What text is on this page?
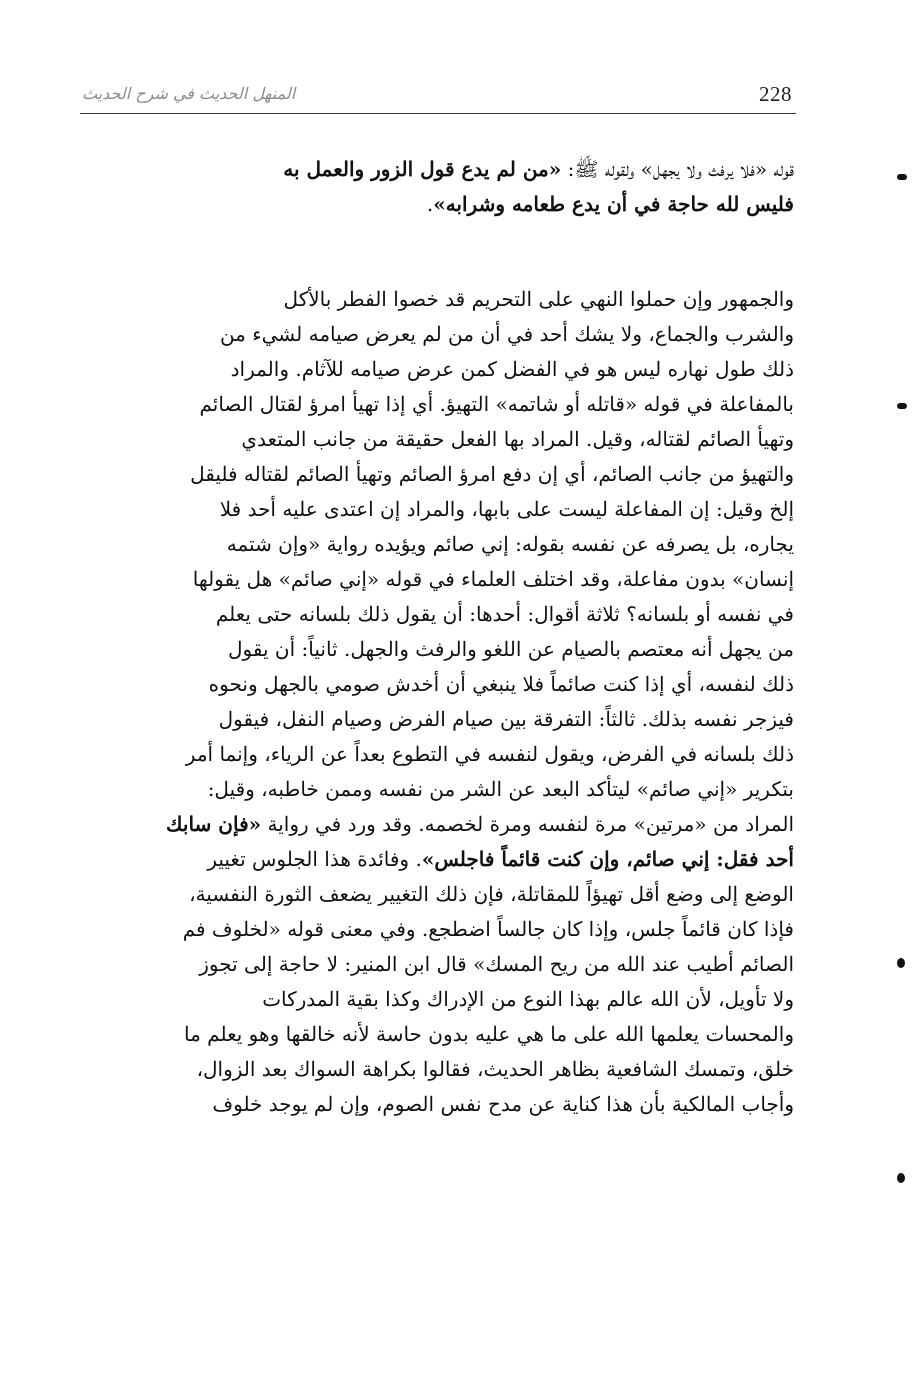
228
المنهل الحديث في شرح الحديث
قوله «فلا يرفث ولا يجهل» ولقوله ﷺ: «من لم يدع قول الزور والعمل به
فليس لله حاجة في أن يدع طعامه وشرابه».
والجمهور وإن حملوا النهي على التحريم قد خصوا الفطر بالأكل
والشرب والجماع، ولا يشك أحد في أن من لم يعرض صيامه لشيء من
ذلك طول نهاره ليس هو في الفضل كمن عرض صيامه للآثام. والمراد
بالمفاعلة في قوله «قاتله أو شاتمه» التهيؤ. أي إذا تهيأ امرؤ لقتال الصائم
وتهيأ الصائم لقتاله، وقيل. المراد بها الفعل حقيقة من جانب المتعدي
والتهيؤ من جانب الصائم، أي إن دفع امرؤ الصائم وتهيأ الصائم لقتاله فليقل
إلخ وقيل: إن المفاعلة ليست على بابها، والمراد إن اعتدى عليه أحد فلا
يجاره، بل يصرفه عن نفسه بقوله: إني صائم ويؤيده رواية «وإن شتمه
إنسان» بدون مفاعلة، وقد اختلف العلماء في قوله «إني صائم» هل يقولها
في نفسه أو بلسانه؟ ثلاثة أقوال: أحدها: أن يقول ذلك بلسانه حتى يعلم
من يجهل أنه معتصم بالصيام عن اللغو والرفث والجهل. ثانياً: أن يقول
ذلك لنفسه، أي إذا كنت صائماً فلا ينبغي أن أخدش صومي بالجهل ونحوه
فيزجر نفسه بذلك. ثالثاً: التفرقة بين صيام الفرض وصيام النفل، فيقول
ذلك بلسانه في الفرض، ويقول لنفسه في التطوع بعداً عن الرياء، وإنما أمر
بتكرير «إني صائم» ليتأكد البعد عن الشر من نفسه وممن خاطبه، وقيل:
المراد من «مرتين» مرة لنفسه ومرة لخصمه. وقد ورد في رواية «فإن سابك
أحد فقل: إني صائم، وإن كنت قائماً فاجلس». وفائدة هذا الجلوس تغيير
الوضع إلى وضع أقل تهيؤاً للمقاتلة، فإن ذلك التغيير يضعف الثورة النفسية،
فإذا كان قائماً جلس، وإذا كان جالساً اضطجع. وفي معنى قوله «لخلوف فم
الصائم أطيب عند الله من ريح المسك» قال ابن المنير: لا حاجة إلى تجوز
ولا تأويل، لأن الله عالم بهذا النوع من الإدراك وكذا بقية المدركات
والمحسات يعلمها الله على ما هي عليه بدون حاسة لأنه خالقها وهو يعلم ما
خلق، وتمسك الشافعية بظاهر الحديث، فقالوا بكراهة السواك بعد الزوال،
وأجاب المالكية بأن هذا كناية عن مدح نفس الصوم، وإن لم يوجد خلوف
